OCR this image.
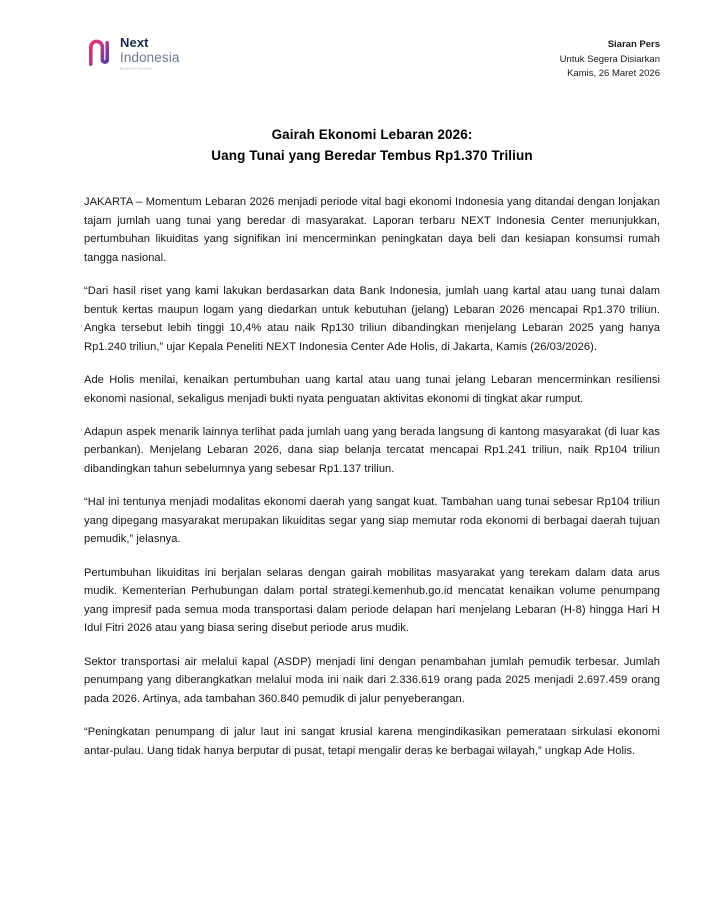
Next
Indonesia
Research & Consultant
Siaran Pers
Untuk Segera Disiarkan
Kamis, 26 Maret 2026
Gairah Ekonomi Lebaran 2026:
Uang Tunai yang Beredar Tembus Rp1.370 Triliun

JAKARTA – Momentum Lebaran 2026 menjadi periode vital bagi ekonomi Indonesia yang ditandai dengan lonjakan tajam jumlah uang tunai yang beredar di masyarakat. Laporan terbaru NEXT Indonesia Center menunjukkan, pertumbuhan likuiditas yang signifikan ini mencerminkan peningkatan daya beli dan kesiapan konsumsi rumah tangga nasional.

“Dari hasil riset yang kami lakukan berdasarkan data Bank Indonesia, jumlah uang kartal atau uang tunai dalam bentuk kertas maupun logam yang diedarkan untuk kebutuhan (jelang) Lebaran 2026 mencapai Rp1.370 triliun. Angka tersebut lebih tinggi 10,4% atau naik Rp130 triliun dibandingkan menjelang Lebaran 2025 yang hanya Rp1.240 triliun,” ujar Kepala Peneliti NEXT Indonesia Center Ade Holis, di Jakarta, Kamis (26/03/2026).

Ade Holis menilai, kenaikan pertumbuhan uang kartal atau uang tunai jelang Lebaran mencerminkan resiliensi ekonomi nasional, sekaligus menjadi bukti nyata penguatan aktivitas ekonomi di tingkat akar rumput.

Adapun aspek menarik lainnya terlihat pada jumlah uang yang berada langsung di kantong masyarakat (di luar kas perbankan). Menjelang Lebaran 2026, dana siap belanja tercatat mencapai Rp1.241 triliun, naik Rp104 triliun dibandingkan tahun sebelumnya yang sebesar Rp1.137 triliun.

“Hal ini tentunya menjadi modalitas ekonomi daerah yang sangat kuat. Tambahan uang tunai sebesar Rp104 triliun yang dipegang masyarakat merupakan likuiditas segar yang siap memutar roda ekonomi di berbagai daerah tujuan pemudik,” jelasnya.

Pertumbuhan likuiditas ini berjalan selaras dengan gairah mobilitas masyarakat yang terekam dalam data arus mudik. Kementerian Perhubungan dalam portal strategi.kemenhub.go.id mencatat kenaikan volume penumpang yang impresif pada semua moda transportasi dalam periode delapan hari menjelang Lebaran (H-8) hingga Hari H Idul Fitri 2026 atau yang biasa sering disebut periode arus mudik.

Sektor transportasi air melalui kapal (ASDP) menjadi lini dengan penambahan jumlah pemudik terbesar. Jumlah penumpang yang diberangkatkan melalui moda ini naik dari 2.336.619 orang pada 2025 menjadi 2.697.459 orang pada 2026. Artinya, ada tambahan 360.840 pemudik di jalur penyeberangan.

“Peningkatan penumpang di jalur laut ini sangat krusial karena mengindikasikan pemerataan sirkulasi ekonomi antar-pulau. Uang tidak hanya berputar di pusat, tetapi mengalir deras ke berbagai wilayah,” ungkap Ade Holis.
